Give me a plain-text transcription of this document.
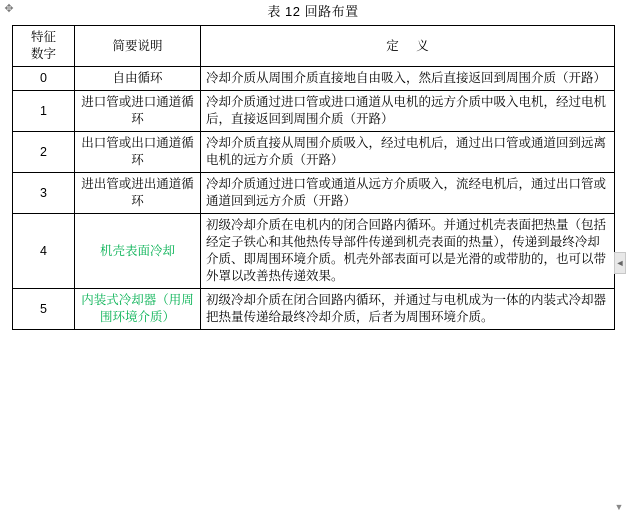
✥	表 12 回路布置
特征
数字	简要说明	定 义
0	自由循环	冷却介质从周围介质直接地自由吸入，然后直接返回到周围介质（开路）
1	进口管或进口通道循环	冷却介质通过进口管或进口通道从电机的远方介质中吸入电机，经过电机后，直接返回到周围介质（开路）
2	出口管或出口通道循环	冷却介质直接从周围介质吸入，经过电机后，通过出口管或通道回到远离电机的远方介质（开路）
3	进出管或进出通道循环	冷却介质通过进口管或通道从远方介质吸入，流经电机后，通过出口管或通道回到远方介质（开路）
4	机壳表面冷却	初级冷却介质在电机内的闭合回路内循环。并通过机壳表面把热量（包括经定子铁心和其他热传导部件传递到机壳表面的热量），传递到最终冷却介质、即周围环境介质。机壳外部表面可以是光滑的或带肋的，也可以带外罩以改善热传递效果。
5	内装式冷却器（用周围环境介质）	初级冷却介质在闭合回路内循环，并通过与电机成为一体的内装式冷却器把热量传递给最终冷却介质，后者为周围环境介质。
◄
▼
